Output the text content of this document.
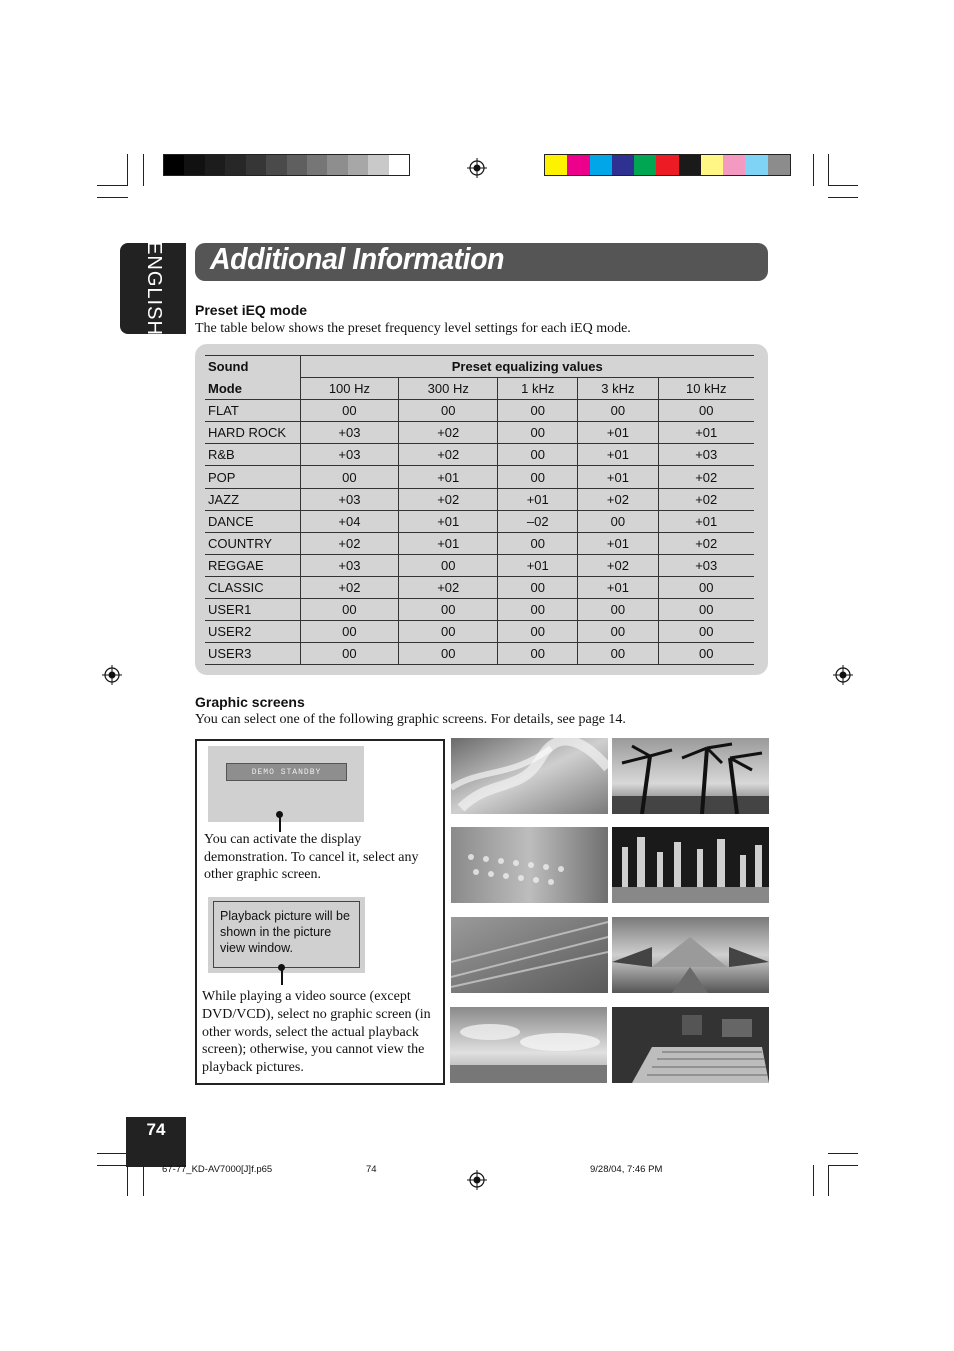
ENGLISH Additional Information
Preset iEQ mode
The table below shows the preset frequency level settings for each iEQ mode.
Sound	Preset equalizing values				
Mode	100 Hz	300 Hz	1 kHz	3 kHz	10 kHz
FLAT	00	00	00	00	00
HARD ROCK	+03	+02	00	+01	+01
R&B	+03	+02	00	+01	+03
POP	00	+01	00	+01	+02
JAZZ	+03	+02	+01	+02	+02
DANCE	+04	+01	–02	00	+01
COUNTRY	+02	+01	00	+01	+02
REGGAE	+03	00	+01	+02	+03
CLASSIC	+02	+02	00	+01	00
USER1	00	00	00	00	00
USER2	00	00	00	00	00
USER3	00	00	00	00	00
Graphic screens
You can select one of the following graphic screens. For details, see page 14.
DEMO STANDBY
You can activate the display demonstration. To cancel it, select any other graphic screen.
Playback picture will be shown in the picture view window.
While playing a video source (except DVD/VCD), select no graphic screen (in other words, select the actual playback screen); otherwise, you cannot view the playback pictures.
74
67-77_KD-AV7000[J]f.p65	74	9/28/04, 7:46 PM
